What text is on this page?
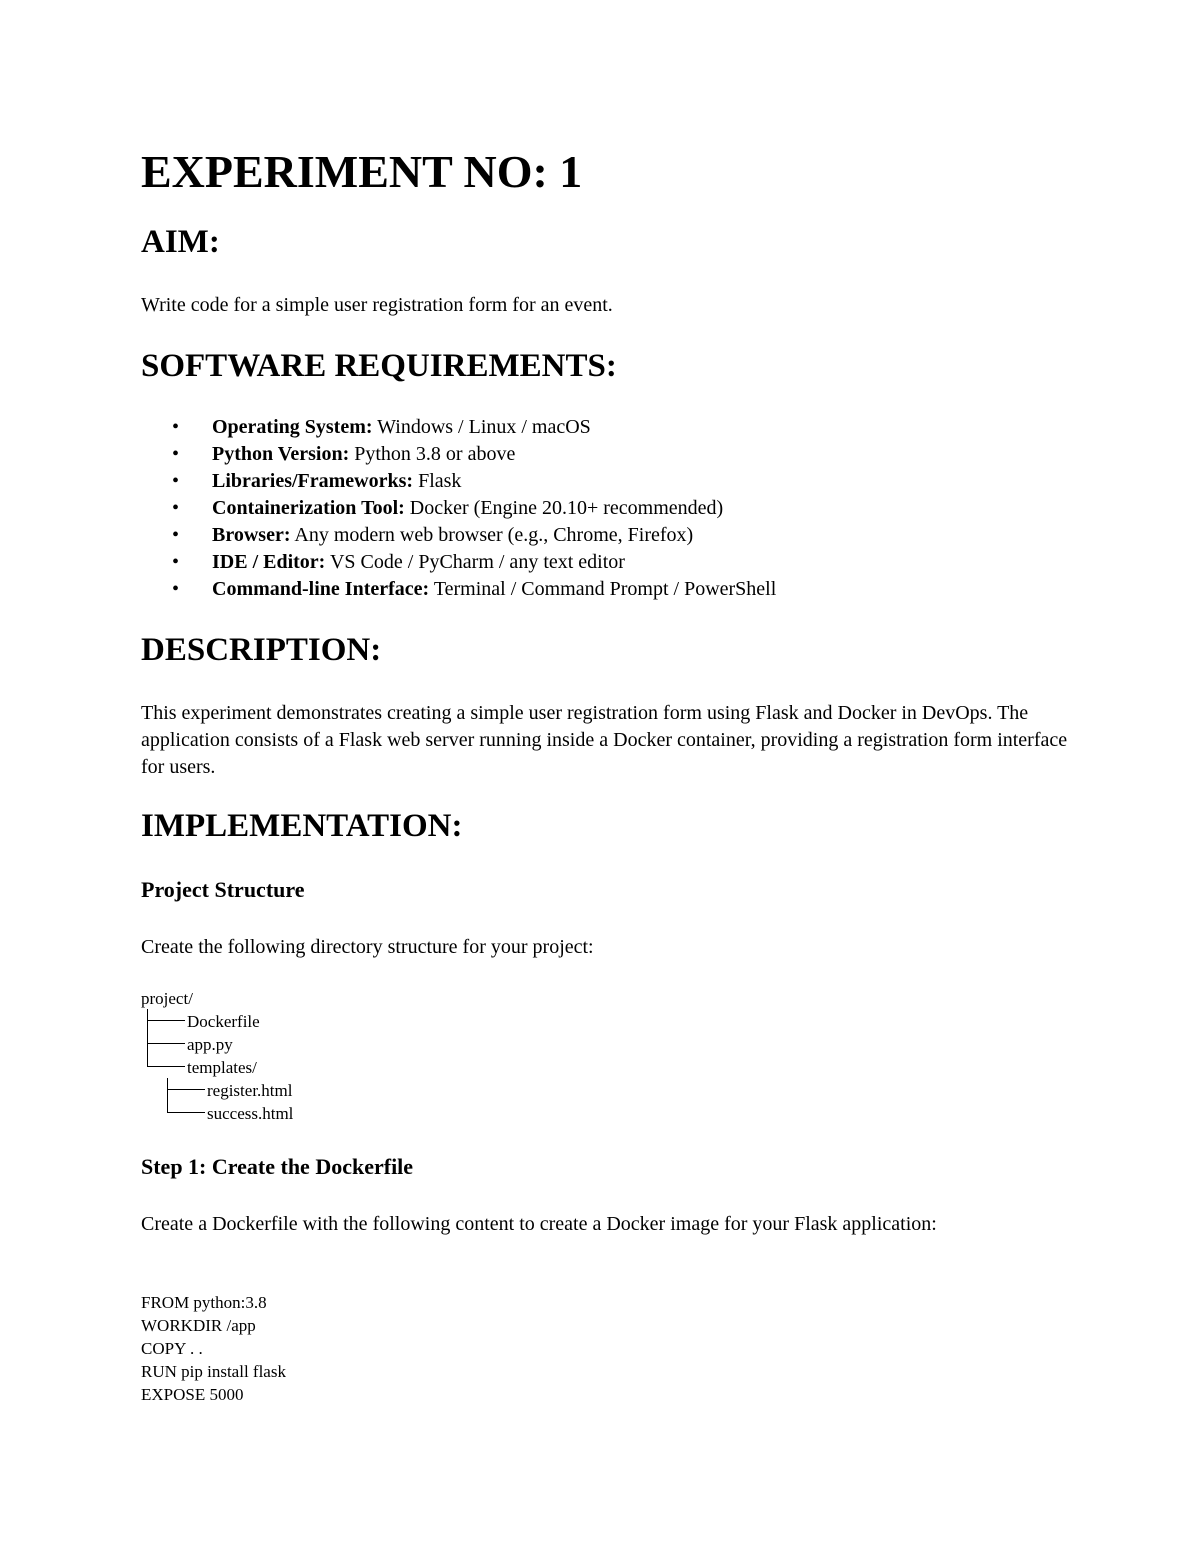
EXPERIMENT NO: 1
AIM:

Write code for a simple user registration form for an event.

SOFTWARE REQUIREMENTS:
• Operating System: Windows / Linux / macOS
• Python Version: Python 3.8 or above
• Libraries/Frameworks: Flask
• Containerization Tool: Docker (Engine 20.10+ recommended)
• Browser: Any modern web browser (e.g., Chrome, Firefox)
• IDE / Editor: VS Code / PyCharm / any text editor
• Command-line Interface: Terminal / Command Prompt / PowerShell
DESCRIPTION:

This experiment demonstrates creating a simple user registration form using Flask and Docker in DevOps. The application consists of a Flask web server running inside a Docker container, providing a registration form interface for users.

IMPLEMENTATION:
Project Structure

Create the following directory structure for your project:

project/
Dockerfile
app.py
templates/
register.html
success.html
Step 1: Create the Dockerfile

Create a Dockerfile with the following content to create a Docker image for your Flask application:

FROM python:3.8
WORKDIR /app
COPY . .
RUN pip install flask
EXPOSE 5000
